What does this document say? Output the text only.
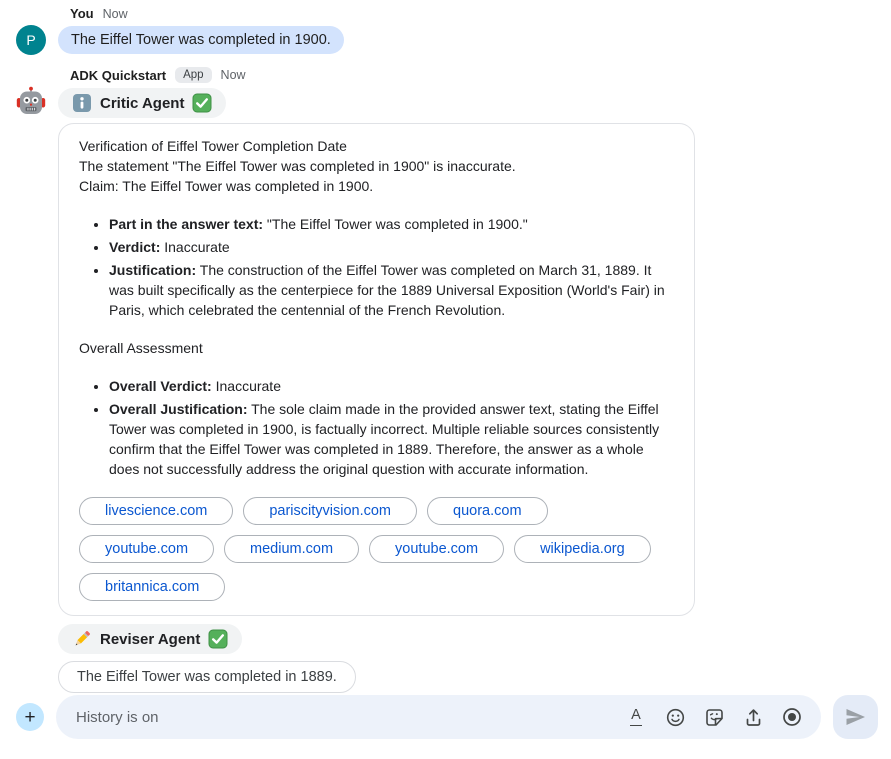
P
You Now
The Eiffel Tower was completed in 1900.
ADK Quickstart	App	Now
Critic Agent

Verification of Eiffel Tower Completion Date

The statement "The Eiffel Tower was completed in 1900" is inaccurate.

Claim: The Eiffel Tower was completed in 1900.

• Part in the answer text: "The Eiffel Tower was completed in 1900."
• Verdict: Inaccurate
• Justification: The construction of the Eiffel Tower was completed on March 31, 1889. It was built specifically as the centerpiece for the 1889 Universal Exposition (World's Fair) in Paris, which celebrated the centennial of the French Revolution.

Overall Assessment

• Overall Verdict: Inaccurate
• Overall Justification: The sole claim made in the provided answer text, stating the Eiffel Tower was completed in 1900, is factually incorrect. Multiple reliable sources consistently confirm that the Eiffel Tower was completed in 1889. Therefore, the answer as a whole does not successfully address the original question with accurate information.
livescience.com	pariscityvision.com	quora.com
youtube.com	medium.com	youtube.com	wikipedia.org
britannica.com
Reviser Agent
The Eiffel Tower was completed in 1889.
+
History is on	A
